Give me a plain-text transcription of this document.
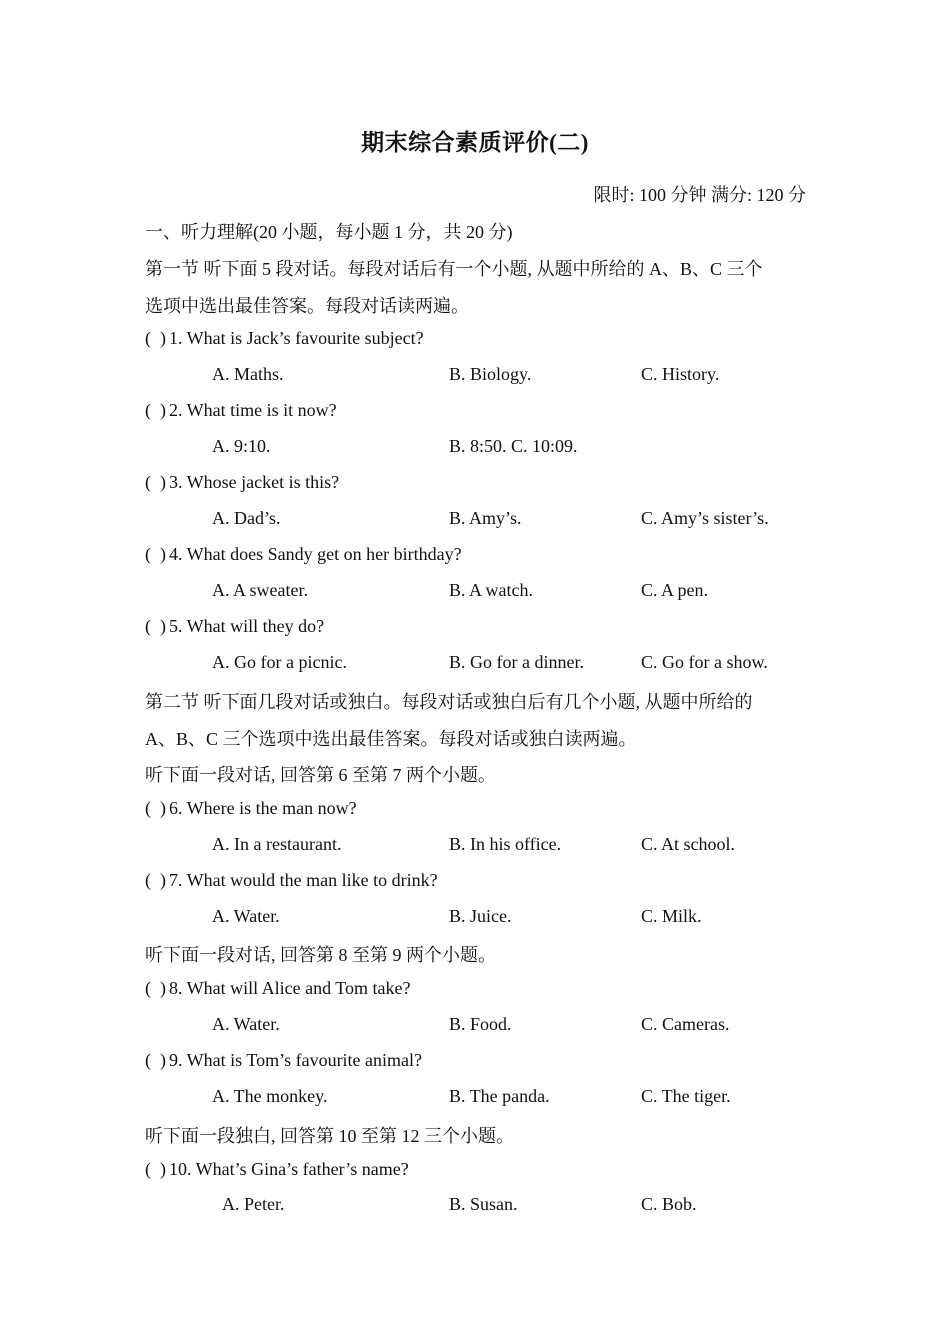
期末综合素质评价(二)
限时: 100 分钟 满分: 120 分
一、听力理解(20 小题，每小题 1 分，共 20 分)
第一节 听下面 5 段对话。每段对话后有一个小题, 从题中所给的 A、B、C 三个
选项中选出最佳答案。每段对话读两遍。
(  ) 1. What is Jack’s favourite subject?
A. Maths.	B. Biology.	C. History.
(  ) 2. What time is it now?
A. 9:10.	B. 8:50. C. 10:09.
(  ) 3. Whose jacket is this?
A. Dad’s.	B. Amy’s.	C. Amy’s sister’s.
(  ) 4. What does Sandy get on her birthday?
A. A sweater.	B. A watch.	C. A pen.
(  ) 5. What will they do?
A. Go for a picnic.	B. Go for a dinner.	C. Go for a show.
第二节 听下面几段对话或独白。每段对话或独白后有几个小题, 从题中所给的
A、B、C 三个选项中选出最佳答案。每段对话或独白读两遍。
听下面一段对话, 回答第 6 至第 7 两个小题。
(  ) 6. Where is the man now?
A. In a restaurant.	B. In his office.	C. At school.
(  ) 7. What would the man like to drink?
A. Water.	B. Juice.	C. Milk.
听下面一段对话, 回答第 8 至第 9 两个小题。
(  ) 8. What will Alice and Tom take?
A. Water.	B. Food.	C. Cameras.
(  ) 9. What is Tom’s favourite animal?
A. The monkey.	B. The panda.	C. The tiger.
听下面一段独白, 回答第 10 至第 12 三个小题。
(  ) 10. What’s Gina’s father’s name?
A. Peter.	B. Susan.	C. Bob.
